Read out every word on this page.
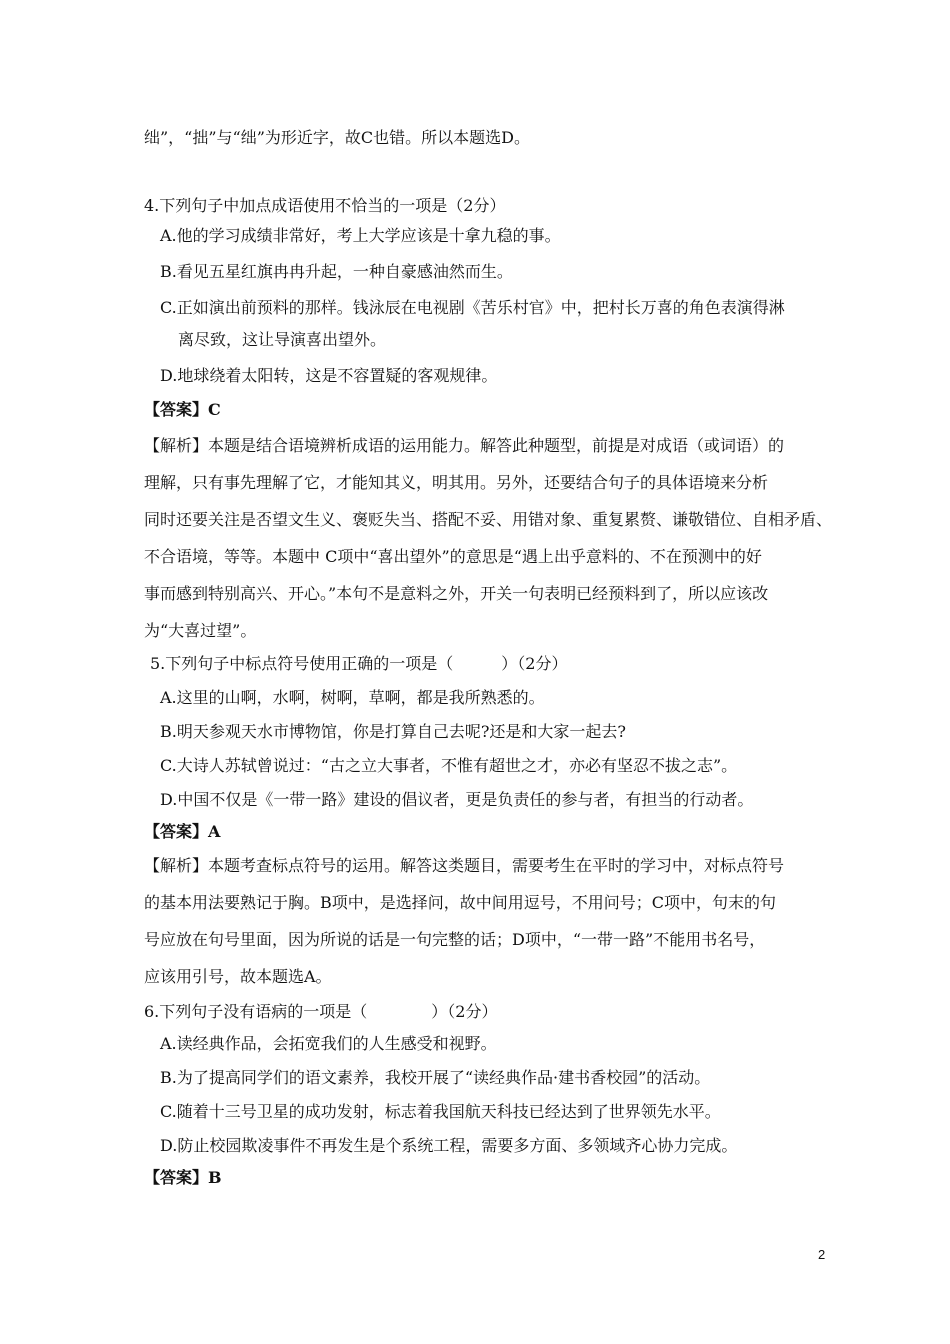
绌”，“拙”与“绌”为形近字，故C也错。所以本题选D。
4.下列句子中加点成语使用不恰当的一项是（2分）
A.他的学习成绩非常好，考上大学应该是十拿九稳的事。
B.看见五星红旗冉冉升起，一种自豪感油然而生。
C.正如演出前预料的那样。钱泳辰在电视剧《苦乐村官》中，把村长万喜的角色表演得淋
离尽致，这让导演喜出望外。
D.地球绕着太阳转，这是不容置疑的客观规律。
【答案】C
【解析】本题是结合语境辨析成语的运用能力。解答此种题型，前提是对成语（或词语）的
理解，只有事先理解了它，才能知其义，明其用。另外，还要结合句子的具体语境来分析
同时还要关注是否望文生义、褒贬失当、搭配不妥、用错对象、重复累赘、谦敬错位、自相矛盾、
不合语境，等等。本题中 C项中“喜出望外”的意思是“遇上出乎意料的、不在预测中的好
事而感到特别高兴、开心。”本句不是意料之外，开关一句表明已经预料到了，所以应该改
为“大喜过望”。
5.下列句子中标点符号使用正确的一项是（　　　）（2分）
A.这里的山啊，水啊，树啊，草啊，都是我所熟悉的。
B.明天参观天水市博物馆，你是打算自己去呢?还是和大家一起去?
C.大诗人苏轼曾说过：“古之立大事者，不惟有超世之才，亦必有坚忍不拔之志”。
D.中国不仅是《一带一路》建设的倡议者，更是负责任的参与者，有担当的行动者。
【答案】A
【解析】本题考查标点符号的运用。解答这类题目，需要考生在平时的学习中，对标点符号
的基本用法要熟记于胸。B项中，是选择问，故中间用逗号，不用问号；C项中，句末的句
号应放在句号里面，因为所说的话是一句完整的话；D项中，“一带一路”不能用书名号，
应该用引号，故本题选A。
6.下列句子没有语病的一项是（　　　　）（2分）
A.读经典作品，会拓宽我们的人生感受和视野。
B.为了提高同学们的语文素养，我校开展了“读经典作品·建书香校园”的活动。
C.随着十三号卫星的成功发射，标志着我国航天科技已经达到了世界领先水平。
D.防止校园欺凌事件不再发生是个系统工程，需要多方面、多领域齐心协力完成。
【答案】B
2
